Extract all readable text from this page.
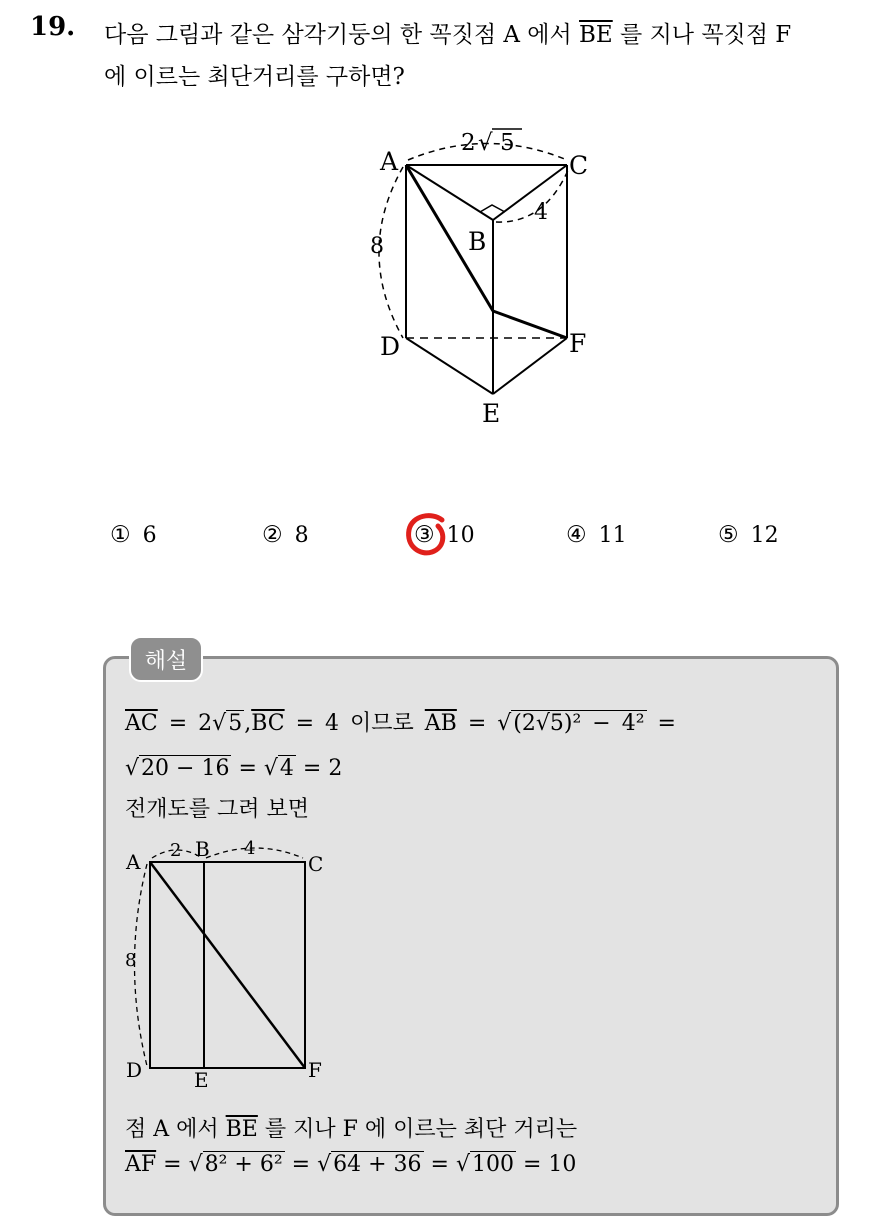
19. 다음 그림과 같은 삼각기둥의 한 꼭짓점 A 에서 $\overline{BE}$ 를 지나 꼭짓점 F
에 이르는 최단거리를 구하면?
A	C
B
D	F
E
2 √ 5
4
8
① 6	② 8	③ 10	④ 11	⑤ 12
해설
$\overline{AC} = 2√5,\overline{BC} = 4$ 이므로 $\overline{AB} = √(2√5)^2 - 4^2$ =
√20 − 16 = √4 = 2
전개도를 그려 보면
A
B
C
D	E	F
2	4
8
점 A 에서 $\overline{BE}$ 를 지나 F 에 이르는 최단 거리는
$\overline{AF} = √8^2 + 6^2 = √64 + 36 = √100 = 10$
